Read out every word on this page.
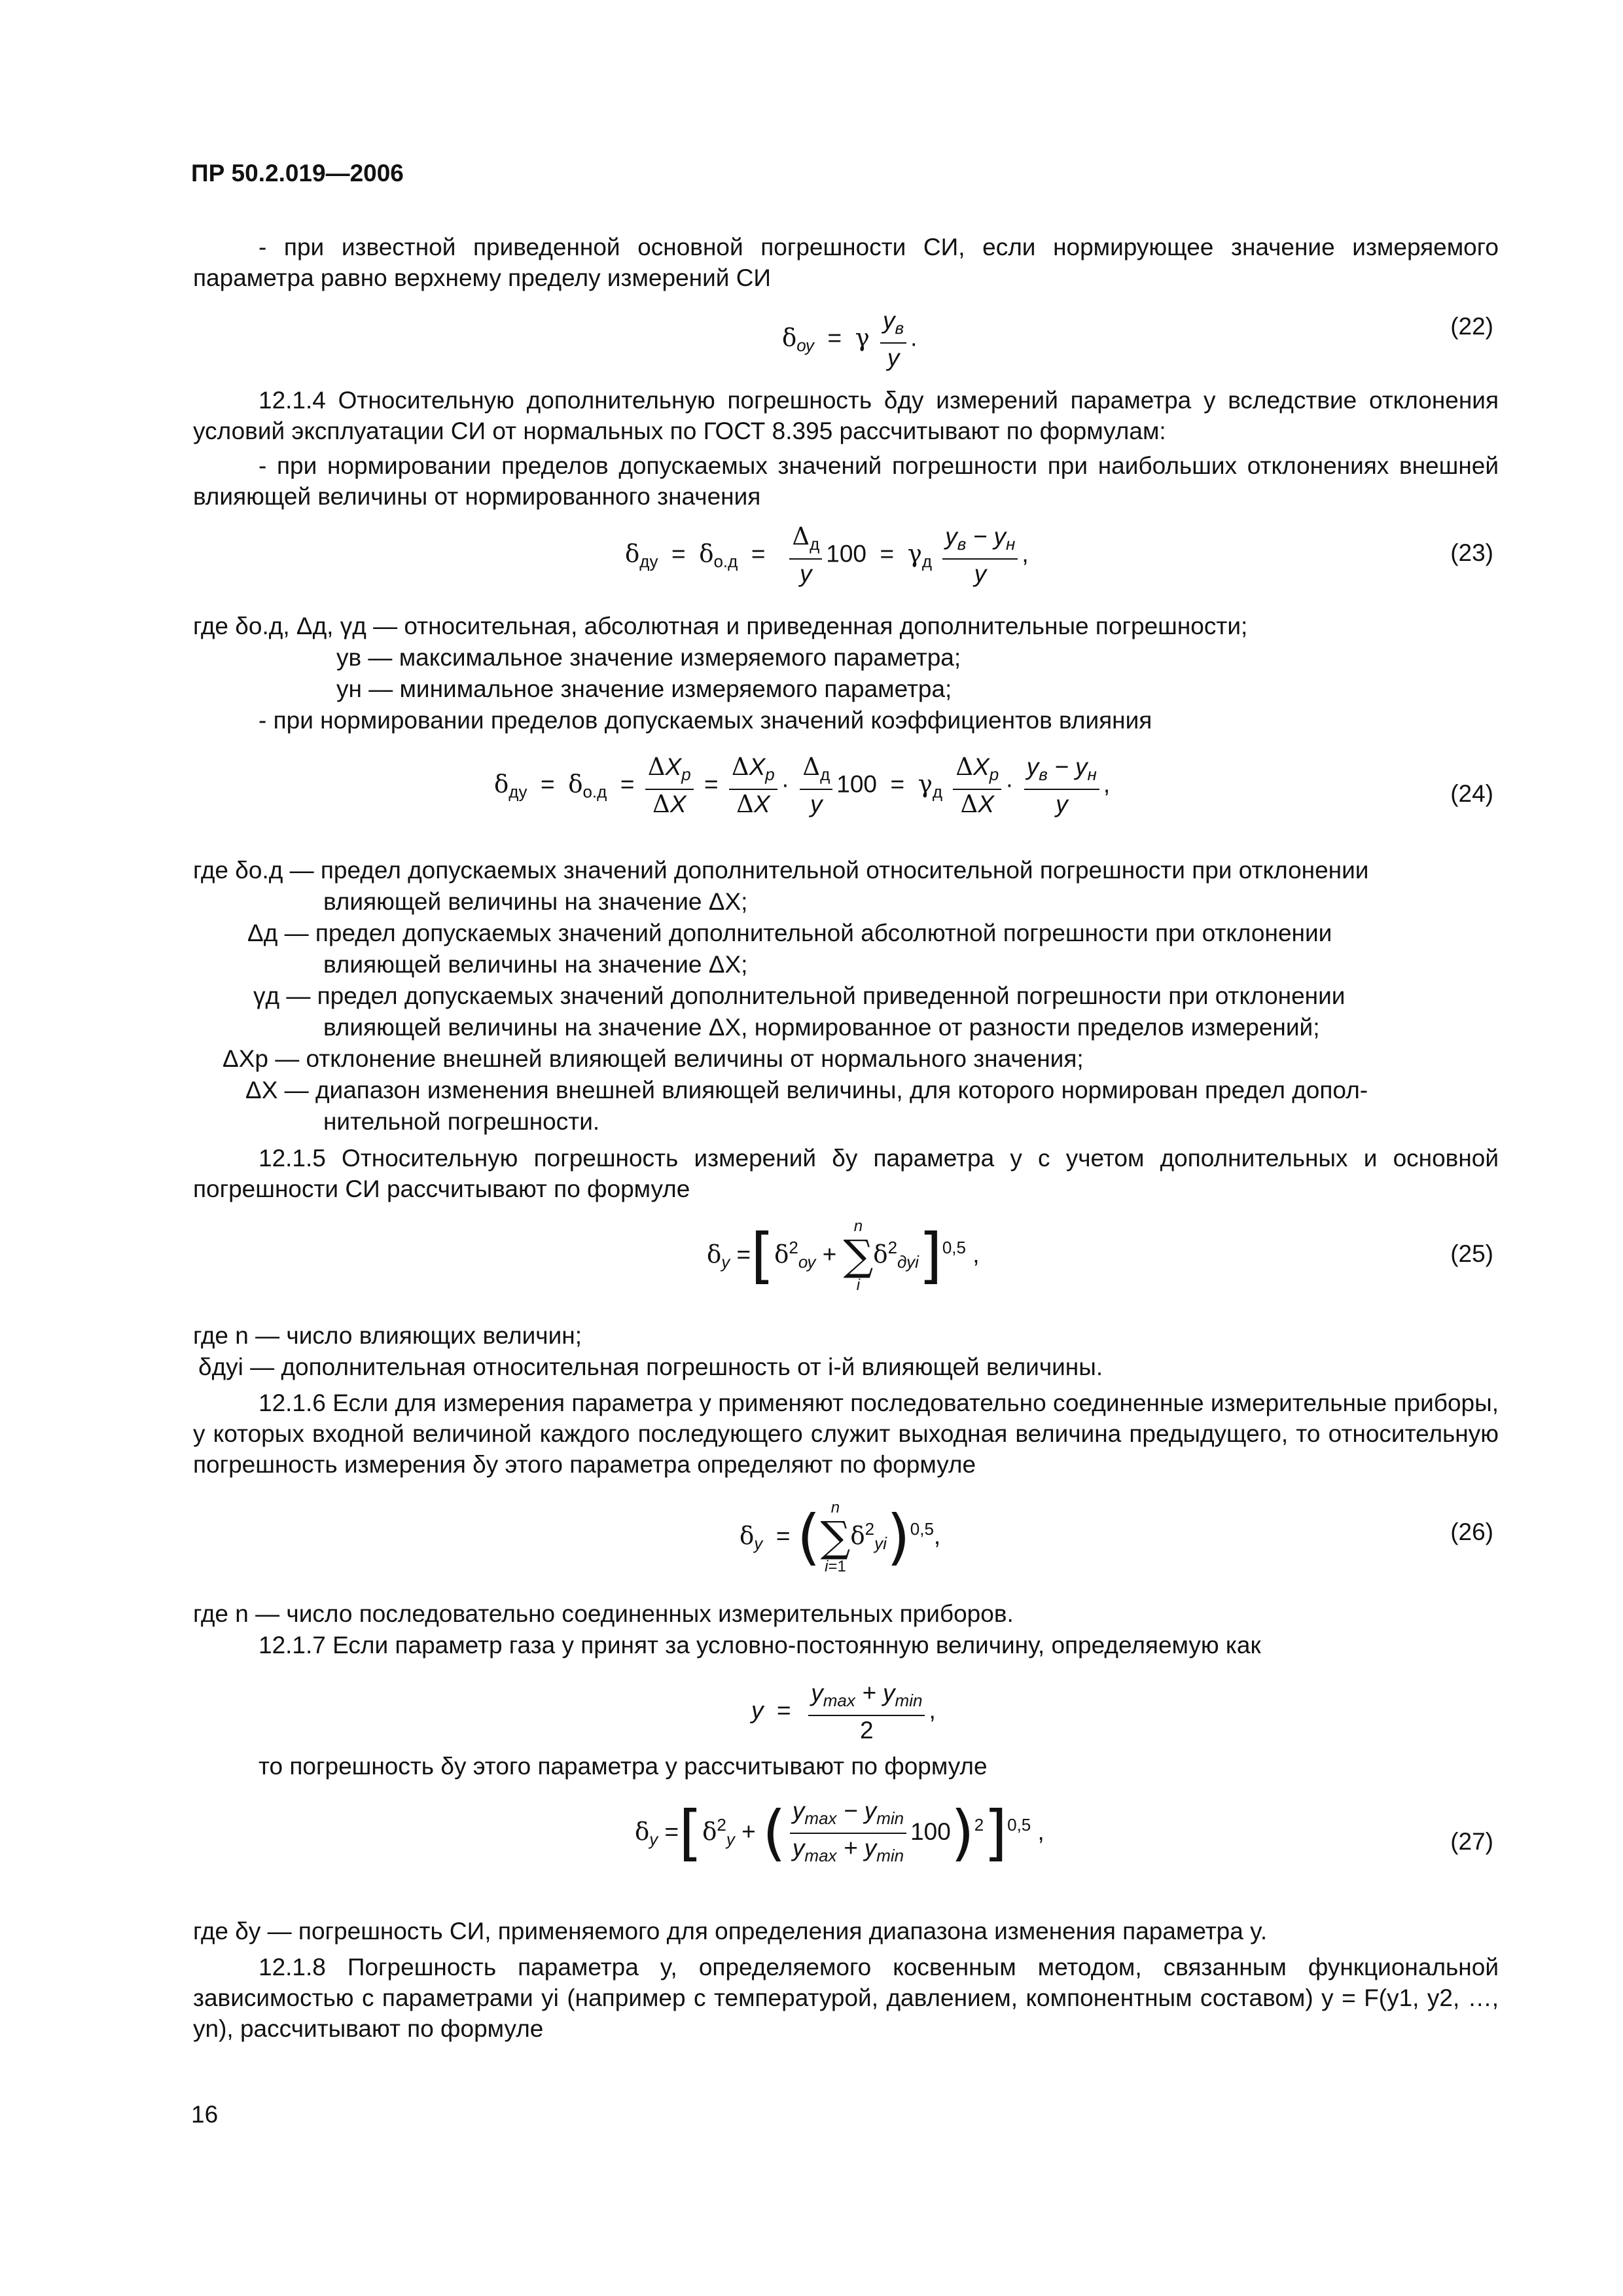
ПР 50.2.019—2006
- при известной приведенной основной погрешности СИ, если нормирующее значение измеряемого параметра равно верхнему пределу измерений СИ
$\delta_{оу} = \gamma \frac{y_в}{y}$ .	(22)
12.1.4 Относительную дополнительную погрешность δду измерений параметра y вследствие отклонения условий эксплуатации СИ от нормальных по ГОСТ 8.395 рассчитывают по формулам:
- при нормировании пределов допускаемых значений погрешности при наибольших отклонениях внешней влияющей величины от нормированного значения
$\delta_{ду} = \delta_{о.д} = \frac{\Delta_д}{y} 100 = \gamma_д \frac{y_в - y_н}{y}$ ,	(23)
где δо.д, Δд, γд — относительная, абсолютная и приведенная дополнительные погрешности;
yв — максимальное значение измеряемого параметра;
yн — минимальное значение измеряемого параметра;
- при нормировании пределов допускаемых значений коэффициентов влияния
$\delta_{ду} = \delta_{о.д} = \frac{\Delta X_р}{\Delta X} = \frac{\Delta X_р}{\Delta X} \cdot \frac{\Delta_д}{y} 100 = \gamma_д \frac{\Delta X_р}{\Delta X} \cdot \frac{y_в - y_н}{y}$ ,	(24)
где δо.д — предел допускаемых значений дополнительной относительной погрешности при отклонении
влияющей величины на значение ΔX;
Δд — предел допускаемых значений дополнительной абсолютной погрешности при отклонении
влияющей величины на значение ΔX;
γд — предел допускаемых значений дополнительной приведенной погрешности при отклонении
влияющей величины на значение ΔX, нормированное от разности пределов измерений;
ΔXр — отклонение внешней влияющей величины от нормального значения;
ΔX — диапазон изменения внешней влияющей величины, для которого нормирован предел допол-
нительной погрешности.
12.1.5 Относительную погрешность измерений δy параметра y с учетом дополнительных и основной погрешности СИ рассчитывают по формуле
$\delta_y =[\delta^2_{оу}$ +
n
∑
i
$\delta^2_{дуi}]^{0,5}$ ,	(25)
где n — число влияющих величин;
δдуi — дополнительная относительная погрешность от i-й влияющей величины.
12.1.6 Если для измерения параметра y применяют последовательно соединенные измерительные приборы, у которых входной величиной каждого последующего служит выходная величина предыдущего, то относительную погрешность измерения δy этого параметра определяют по формуле
$\delta_y$  = ( n
∑
i=1
$\delta^2_{yi})^{0,5}$,	(26)
где n — число последовательно соединенных измерительных приборов.
12.1.7 Если параметр газа y принят за условно-постоянную величину, определяемую как
$y = \frac{y_{max} + y_{min}}{2}$ ,
то погрешность δy этого параметра y рассчитывают по формуле
$\delta_y =[\delta^2_y$ + ( $\frac{y_{max} - y_{min}}{y_{max} + y_{min}} 100)^2]^{0,5}$ ,	(27)
где δy — погрешность СИ, применяемого для определения диапазона изменения параметра y.
12.1.8 Погрешность параметра y, определяемого косвенным методом, связанным функциональной зависимостью с параметрами yi (например с температурой, давлением, компонентным составом) y = F(y1, y2, …, yn), рассчитывают по формуле
16
